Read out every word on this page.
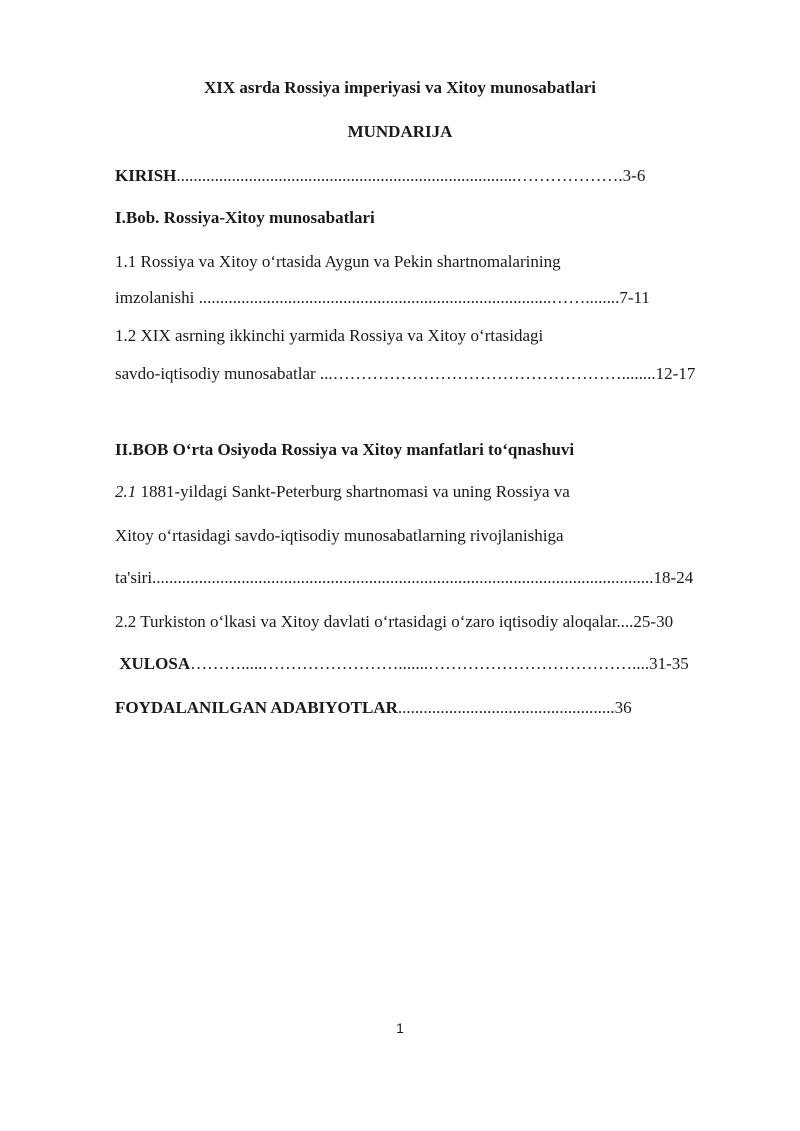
XIX asrda Rossiya imperiyasi va Xitoy munosabatlari
MUNDARIJA
KIRISH................................................................................……………….3-6
I.Bob. Rossiya-Xitoy munosabatlari
1.1 Rossiya va Xitoy o‘rtasida Aygun va Pekin shartnomalarining
imzolanishi ...................................................................................……........7-11
1.2 XIX asrning ikkinchi yarmida Rossiya va Xitoy o‘rtasidagi
savdo-iqtisodiy munosabatlar ...……………………………………………........12-17
II.BOB O‘rta Osiyoda Rossiya va Xitoy manfatlari to‘qnashuvi
2.1 1881-yildagi Sankt-Peterburg shartnomasi va uning Rossiya va
Xitoy o‘rtasidagi savdo-iqtisodiy munosabatlarning rivojlanishiga
ta'siri......................................................................................................................18-24
2.2 Turkiston o‘lkasi va Xitoy davlati o‘rtasidagi o‘zaro iqtisodiy aloqalar....25-30
XULOSA……….....…………………….......………………………………....31-35
FOYDALANILGAN ADABIYOTLAR...................................................36
1
